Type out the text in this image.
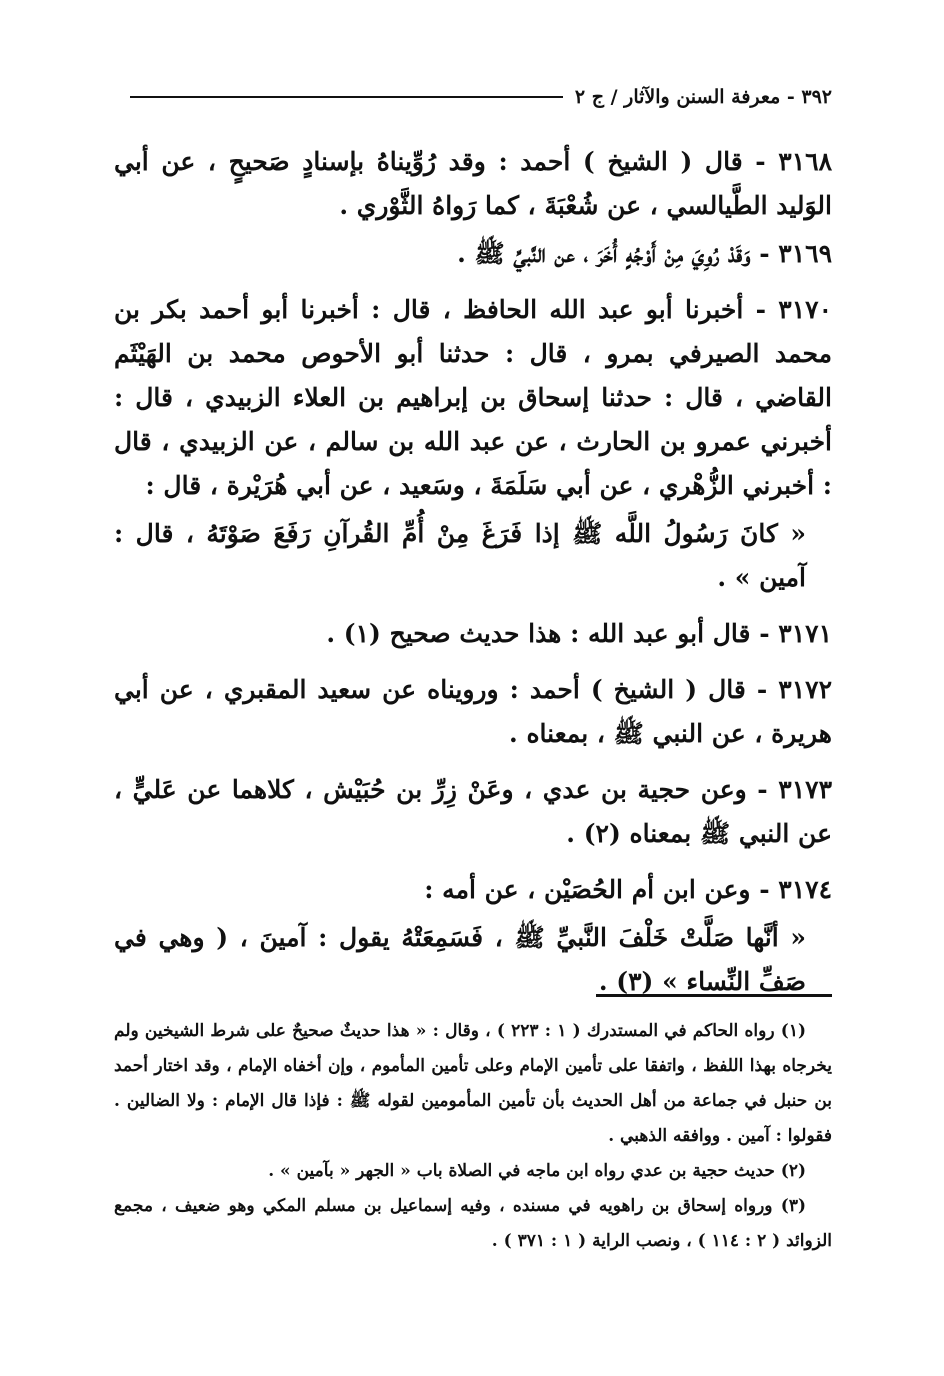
٣٩٢ - معرفة السنن والآثار / ج ٢

٣١٦٨ - قال ( الشيخ ) أحمد : وقد رُوِّيناهُ بإسنادٍ صَحيحٍ ، عن أبي الوَليد الطَّيالسي ، عن شُعْبَةَ ، كما رَواهُ الثَّوْري .

٣١٦٩ - وَقَدْ رُوِيَ مِنْ أَوْجُهٍ أُخَرَ ، عن النَّبيِّ ﷺ .

٣١٧٠ - أخبرنا أبو عبد الله الحافظ ، قال : أخبرنا أبو أحمد بكر بن محمد الصيرفي بمرو ، قال : حدثنا أبو الأحوص محمد بن الهَيْثَم القاضي ، قال : حدثنا إسحاق بن إبراهيم بن العلاء الزبيدي ، قال : أخبرني عمرو بن الحارث ، عن عبد الله بن سالم ، عن الزبيدي ، قال : أخبرني الزُّهْري ، عن أبي سَلَمَةَ ، وسَعيد ، عن أبي هُرَيْرة ، قال :

« كانَ رَسُولُ اللَّه ﷺ إذا فَرَغَ مِنْ أُمِّ القُرآنِ رَفَعَ صَوْتَهُ ، قال : آمين » .

٣١٧١ - قال أبو عبد الله : هذا حديث صحيح (١) .

٣١٧٢ - قال ( الشيخ ) أحمد : ورويناه عن سعيد المقبري ، عن أبي هريرة ، عن النبي ﷺ ، بمعناه .

٣١٧٣ - وعن حجية بن عدي ، وعَنْ زِرِّ بن حُبَيْش ، كلاهما عن عَليٍّ ، عن النبي ﷺ بمعناه (٢) .

٣١٧٤ - وعن ابن أم الحُصَيْن ، عن أمه :

« أنَّها صَلَّتْ خَلْفَ النَّبيِّ ﷺ ، فَسَمِعَتْهُ يقول : آمينَ ، ( وهي في صَفِّ النِّساء » (٣) .

(١) رواه الحاكم في المستدرك ( ١ : ٢٢٣ ) ، وقال : « هذا حديثٌ صحيحٌ على شرط الشيخين ولم يخرجاه بهذا اللفظ ، واتفقا على تأمين الإمام وعلى تأمين المأموم ، وإن أخفاه الإمام ، وقد اختار أحمد بن حنبل في جماعة من أهل الحديث بأن تأمين المأمومين لقوله ﷺ : فإذا قال الإمام : ولا الضالين . فقولوا : آمين . ووافقه الذهبي .

(٢) حديث حجية بن عدي رواه ابن ماجه في الصلاة باب « الجهر « بآمين » .

(٣) ورواه إسحاق بن راهويه في مسنده ، وفيه إسماعيل بن مسلم المكي وهو ضعيف ، مجمع الزوائد ( ٢ : ١١٤ ) ، ونصب الراية ( ١ : ٣٧١ ) .
